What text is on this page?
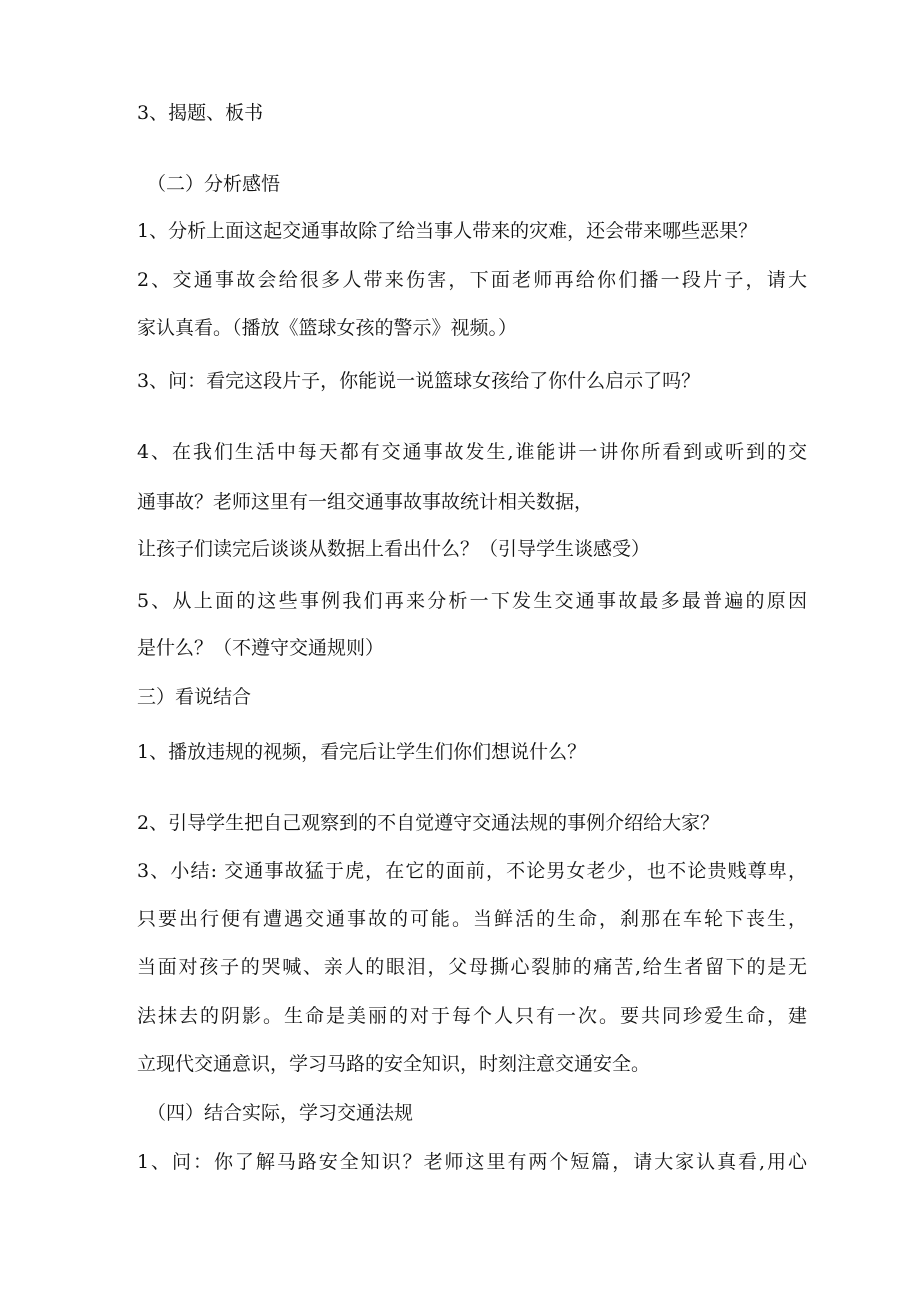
3、揭题、板书
（二）分析感悟
1、分析上面这起交通事故除了给当事人带来的灾难，还会带来哪些恶果？
2、交通事故会给很多人带来伤害，下面老师再给你们播一段片子，请大
家认真看。（播放《篮球女孩的警示》视频。）
3、问：看完这段片子，你能说一说篮球女孩给了你什么启示了吗？
4、在我们生活中每天都有交通事故发生,谁能讲一讲你所看到或听到的交
通事故？老师这里有一组交通事故事故统计相关数据，
让孩子们读完后谈谈从数据上看出什么？（引导学生谈感受）
5、从上面的这些事例我们再来分析一下发生交通事故最多最普遍的原因
是什么？（不遵守交通规则）
三）看说结合
1、播放违规的视频，看完后让学生们你们想说什么？
2、引导学生把自己观察到的不自觉遵守交通法规的事例介绍给大家？
3、小结: 交通事故猛于虎，在它的面前，不论男女老少，也不论贵贱尊卑，
只要出行便有遭遇交通事故的可能。当鲜活的生命，刹那在车轮下丧生，
当面对孩子的哭喊、亲人的眼泪，父母撕心裂肺的痛苦,给生者留下的是无
法抹去的阴影。生命是美丽的对于每个人只有一次。要共同珍爱生命，建
立现代交通意识，学习马路的安全知识，时刻注意交通安全。
（四）结合实际，学习交通法规
1、问：你了解马路安全知识？老师这里有两个短篇，请大家认真看,用心
